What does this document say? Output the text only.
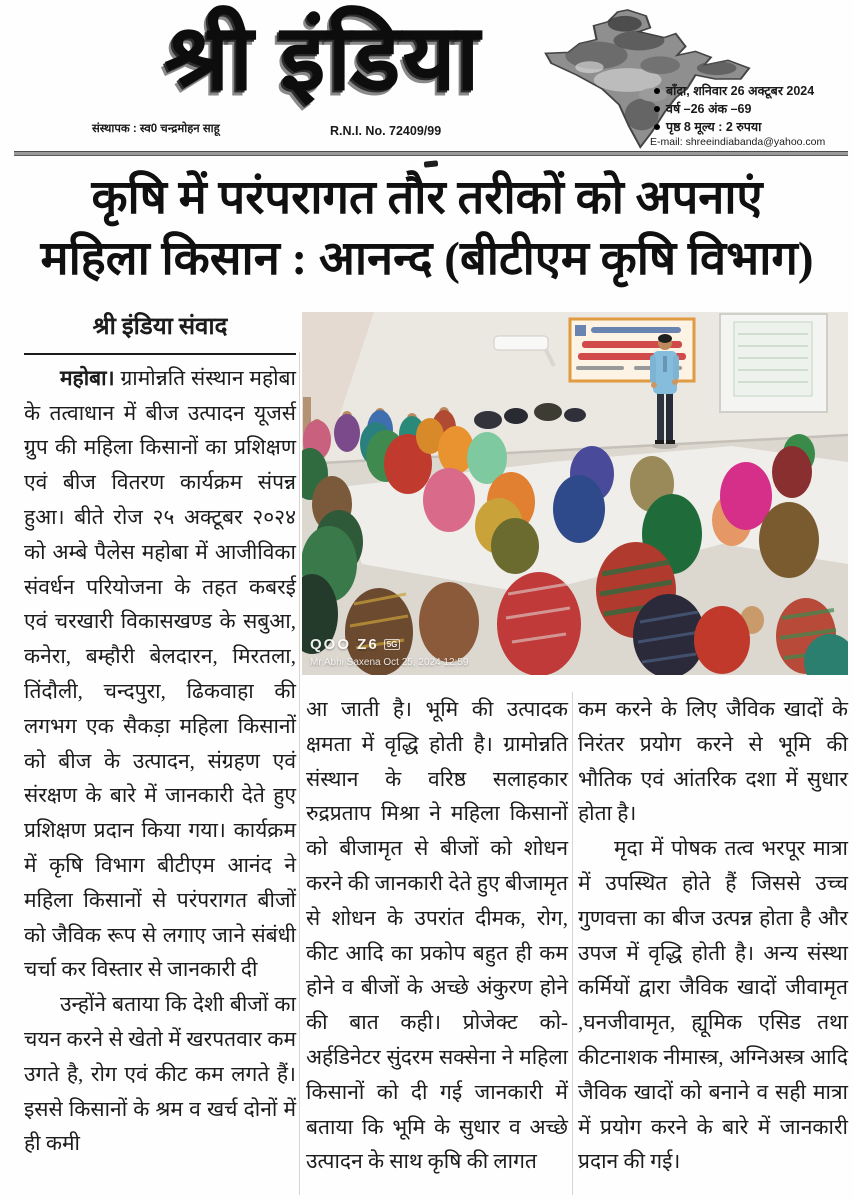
संस्थापक : स्व0 चन्द्रमोहन साहू
श्री इंडिया
R.N.I. No. 72409/99
बाँदा, शनिवार 26 अक्टूबर 2024
वर्ष –26 अंक –69
पृष्ठ 8 मूल्य : 2 रुपया
E-mail: shreeindiabanda@yahoo.com
कृषि में परंपरागत तौर तरीकों को अपनाएं
महिला किसान : आनन्द (बीटीएम कृषि विभाग)
QOO Z6	5G
Mr Abhi Saxena Oct 25, 2024 12:59
श्री इंडिया संवाद

महोबा। ग्रामोन्नति संस्थान महोबा के तत्वाधान में बीज उत्पादन यूजर्स ग्रुप की महिला किसानों का प्रशिक्षण एवं बीज वितरण कार्यक्रम संपन्न हुआ। बीते रोज २५ अक्टूबर २०२४ को अम्बे पैलेस महोबा में आजीविका संवर्धन परियोजना के तहत कबरई एवं चरखारी विकासखण्ड के सबुआ, कनेरा, बम्हौरी बेलदारन, मिरतला, तिंदौली, चन्दपुरा, ढिकवाहा की लगभग एक सैकड़ा महिला किसानों को बीज के उत्पादन, संग्रहण एवं संरक्षण के बारे में जानकारी देते हुए प्रशिक्षण प्रदान किया गया। कार्यक्रम में कृषि विभाग बीटीएम आनंद ने महिला किसानों से परंपरागत बीजों को जैविक रूप से लगाए जाने संबंधी चर्चा कर विस्तार से जानकारी दी

उन्होंने बताया कि देशी बीजों का चयन करने से खेतो में खरपतवार कम उगते है, रोग एवं कीट कम लगते हैं। इससे किसानों के श्रम व खर्च दोनों में ही कमी

आ जाती है। भूमि की उत्पादक क्षमता में वृद्धि होती है। ग्रामोन्नति संस्थान के वरिष्ठ सलाहकार रुद्रप्रताप मिश्रा ने महिला किसानों को बीजामृत से बीजों को शोधन करने की जानकारी देते हुए बीजामृत से शोधन के उपरांत दीमक, रोग, कीट आदि का प्रकोप बहुत ही कम होने व बीजों के अच्छे अंकुरण होने की बात कही। प्रोजेक्ट को-अर्हडिनेटर सुंदरम सक्सेना ने महिला किसानों को दी गई जानकारी में बताया कि भूमि के सुधार व अच्छे उत्पादन के साथ कृषि की लागत

कम करने के लिए जैविक खादों के निरंतर प्रयोग करने से भूमि की भौतिक एवं आंतरिक दशा में सुधार होता है।

मृदा में पोषक तत्व भरपूर मात्रा में उपस्थित होते हैं जिससे उच्च गुणवत्ता का बीज उत्पन्न होता है और उपज में वृद्धि होती है। अन्य संस्था कर्मियों द्वारा जैविक खादों जीवामृत ,घनजीवामृत, ह्यूमिक एसिड तथा कीटनाशक नीमास्त्र, अग्निअस्त्र आदि जैविक खादों को बनाने व सही मात्रा में प्रयोग करने के बारे में जानकारी प्रदान की गई।
